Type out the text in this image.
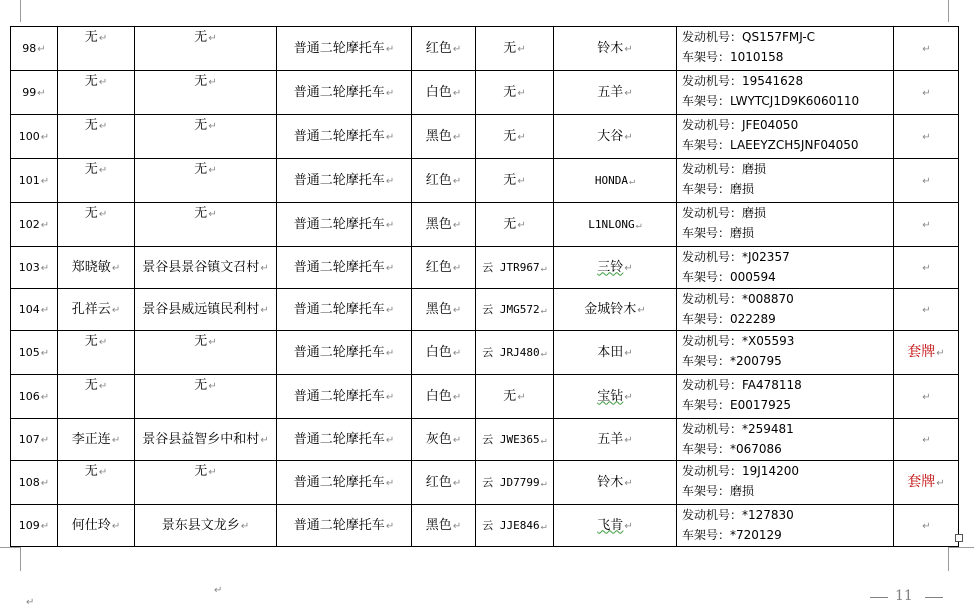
98↵	无↵	无↵	普通二轮摩托车↵	红色↵	无↵	铃木↵	发动机号：QS157FMJ-C
车架号：1010158	↵
99↵	无↵	无↵	普通二轮摩托车↵	白色↵	无↵	五羊↵	发动机号：19541628
车架号：LWYTCJ1D9K6060110	↵
100↵	无↵	无↵	普通二轮摩托车↵	黑色↵	无↵	大谷↵	发动机号：JFE04050
车架号：LAEEYZCH5JNF04050	↵
101↵	无↵	无↵	普通二轮摩托车↵	红色↵	无↵	HONDA↵	发动机号：磨损
车架号：磨损	↵
102↵	无↵	无↵	普通二轮摩托车↵	黑色↵	无↵	L1NLONG↵	发动机号：磨损
车架号：磨损	↵
103↵	郑晓敏↵	景谷县景谷镇文召村↵	普通二轮摩托车↵	红色↵	云 JTR967↵	三铃↵	发动机号：*J02357
车架号：000594	↵
104↵	孔祥云↵	景谷县威远镇民利村↵	普通二轮摩托车↵	黑色↵	云 JMG572↵	金城铃木↵	发动机号：*008870
车架号：022289	↵
105↵	无↵	无↵	普通二轮摩托车↵	白色↵	云 JRJ480↵	本田↵	发动机号：*X05593
车架号：*200795	套牌↵
106↵	无↵	无↵	普通二轮摩托车↵	白色↵	无↵	宝钻↵	发动机号：FA478118
车架号：E0017925	↵
107↵	李正连↵	景谷县益智乡中和村↵	普通二轮摩托车↵	灰色↵	云 JWE365↵	五羊↵	发动机号：*259481
车架号：*067086	↵
108↵	无↵	无↵	普通二轮摩托车↵	红色↵	云 JD7799↵	铃木↵	发动机号：19J14200
车架号：磨损	套牌↵
109↵	何仕玲↵	景东县文龙乡↵	普通二轮摩托车↵	黑色↵	云 JJE846↵	飞肯↵	发动机号：*127830
车架号：*720129	↵
11
↵
↵
